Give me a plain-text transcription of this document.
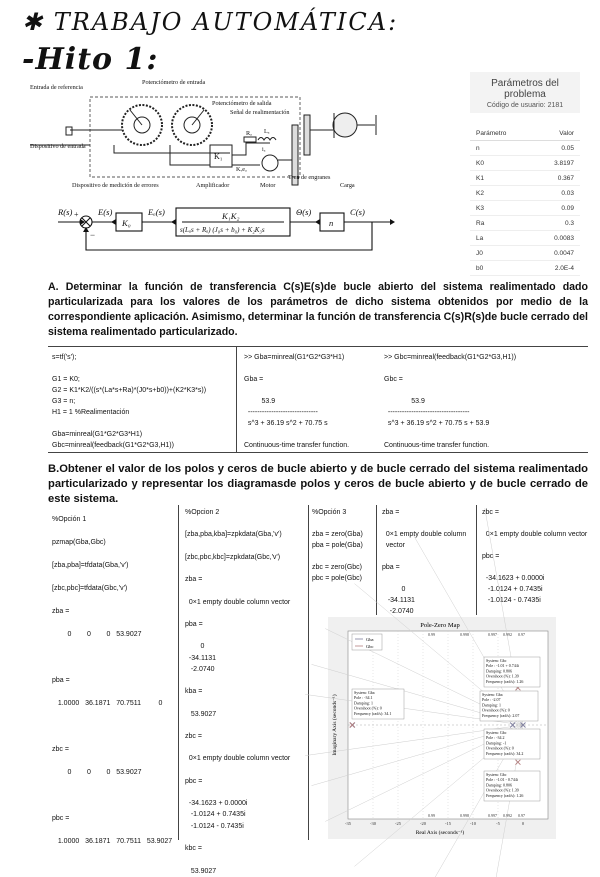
✱ TRABAJO AUTOMÁTICA:
-Hito 1:
Parámetros del problema
Código de usuario: 2181
Parámetro	Valor
n	0.05
K0	3.8197
K1	0.367
K2	0.03
K3	0.09
Ra	0.3
La	0.0083
J0	0.0047
b0	2.0E-4
Entrada de referencia
Potenciómetro de entrada
Potenciómetro de salida
Señal de realimentación
Dispositivo de entrada
Dispositivo de medición de errores	Amplificador	Motor
Tren de engranes
Carga
K₁
Rₐ Lₐ
iₐ
Kᵥeₐ
R(s)	E(s)	Eₐ(s)	Θ(s)	C(s)
K₀
K₁K₂
s(Lₐs + Rₐ) (J₀s + b₀) + K₂K₃s
n
+
−
A. Determinar la función de transferencia C(s)E(s)de bucle abierto del sistema realimentado dado particularizada para los valores de los parámetros de dicho sistema obtenidos por medio de la correspondiente aplicación. Asimismo, determinar la función de transferencia C(s)R(s)de bucle cerrado del sistema realimentado particularizado.
s=tf('s');

G1 = K0;
G2 = K1*K2/((s*(La*s+Ra)*(J0*s+b0))+(K2*K3*s))
G3 = n;
H1 = 1 %Realimentación

Gba=minreal(G1*G2*G3*H1)
Gbc=minreal(feedback(G1*G2*G3,H1))
>> Gba=minreal(G1*G2*G3*H1)

Gba =

53.9
------------------------------
s^3 + 36.19 s^2 + 70.75 s

Continuous-time transfer function.
>> Gbc=minreal(feedback(G1*G2*G3,H1))

Gbc =

53.9
-----------------------------------
s^3 + 36.19 s^2 + 70.75 s + 53.9

Continuous-time transfer function.
B.Obtener el valor de los polos y ceros de bucle abierto y de bucle cerrado del sistema realimentado particularizado y representar los diagramasde polos y ceros de bucle abierto y de bucle cerrado de este sistema.
%Opción 1

pzmap(Gba,Gbc)

[zba,pba]=tfdata(Gba,'v')

[zbc,pbc]=tfdata(Gbc,'v')

zba =

0        0        0   53.9027

pba =

1.0000   36.1871   70.7511         0

zbc =

0        0        0   53.9027

pbc =

1.0000   36.1871   70.7511   53.9027
%Opcion 2

[zba,pba,kba]=zpkdata(Gba,'v')

[zbc,pbc,kbc]=zpkdata(Gbc,'v')

zba =

0×1 empty double column vector

pba =

0
-34.1131
-2.0740

kba =

53.9027

zbc =

0×1 empty double column vector

pbc =

-34.1623 + 0.0000i
-1.0124 + 0.7435i
-1.0124 - 0.7435i

kbc =

53.9027
%Opción 3

zba = zero(Gba)
pba = pole(Gba)

zbc = zero(Gbc)
pbc = pole(Gbc)
zba =

0×1 empty double column
vector

pba =

0
-34.1131
-2.0740
zbc =

0×1 empty double column vector

pbc =

-34.1623 + 0.0000i
-1.0124 + 0.7435i
-1.0124 - 0.7435i
Pole-Zero Map
Real Axis (seconds⁻¹)
Imaginary Axis (seconds⁻¹)
-35	-30	-25	-20	-15	-10	-5	0
0.99	0.998	0.997 0.992 0.97
0.99	0.998	0.997 0.992 0.97
Gba
Gbc
System: Gba Pole : -34.1 Damping: 1 Overshoot (%): 0 Frequency (rad/s): 34.1
System: Gbc Pole : -1.01 + 0.744i Damping: 0.806 Overshoot (%): 1.39 Frequency (rad/s): 1.26
System: Gba Pole : -2.07 Damping: 1 Overshoot (%): 0 Frequency (rad/s): 2.07
System: Gbc Pole : -34.2 Damping: -1 Overshoot (%): 0 Frequency (rad/s): 34.2
System: Gbc Pole : -1.01 - 0.744i Damping: 0.806 Overshoot (%): 1.39 Frequency (rad/s): 1.26
